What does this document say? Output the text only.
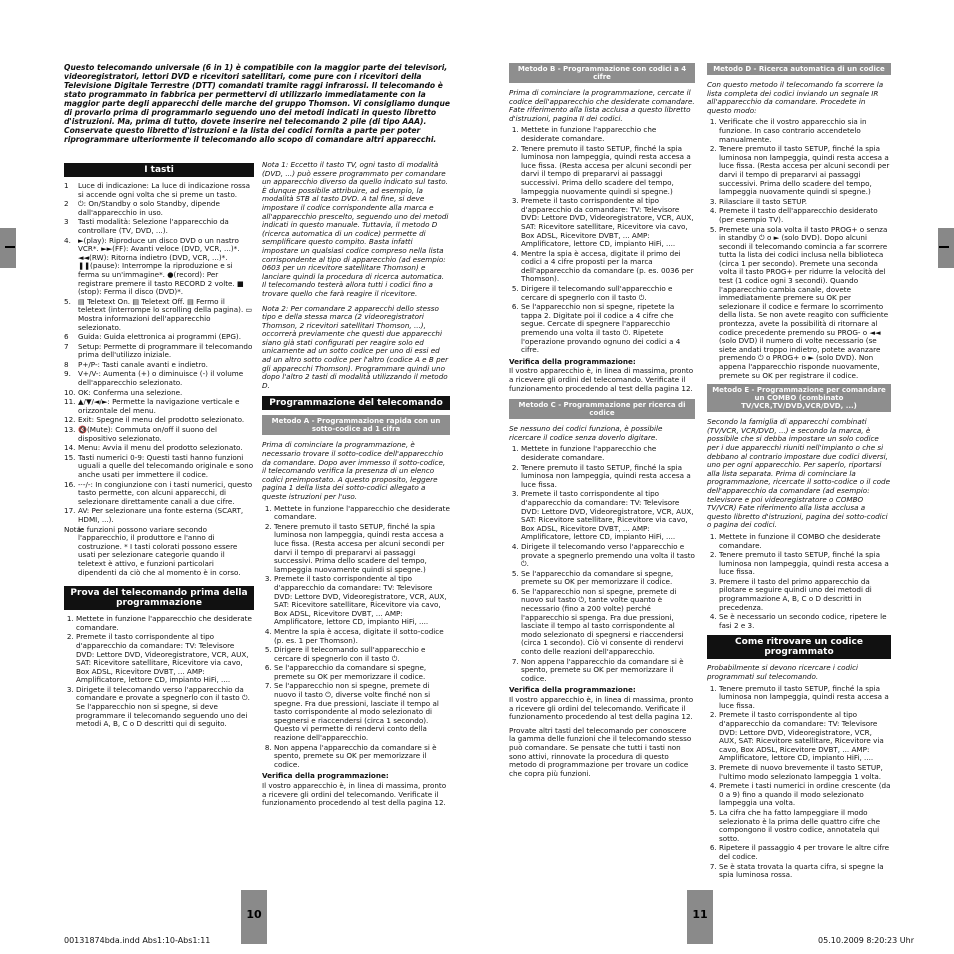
Questo telecomando universale (6 in 1) è compatibile con la maggior parte dei televisori, videoregistratori, lettori DVD e ricevitori satellitari, come pure con i ricevitori della Televisione Digitale Terrestre (DTT) comandati tramite raggi infrarossi. Il telecomando è stato programmato in fabbrica per permettervi di utilizzarlo immediatamente con la maggior parte degli apparecchi delle marche del gruppo Thomson. Vi consigliamo dunque di provarlo prima di programmarlo seguendo uno dei metodi indicati in questo libretto d'istruzioni. Ma, prima di tutto, dovete inserire nel telecomando 2 pile (di tipo AAA). Conservate questo libretto d'istruzioni e la lista dei codici fornita a parte per poter riprogrammare ulteriormente il telecomando allo scopo di comandare altri apparecchi.
I tasti
1	Luce di indicazione: La luce di indicazione rossa si accende ogni volta che si preme un tasto.
2	⏻: On/Standby o solo Standby, dipende dall'apparecchio in uso.
3	Tasti modalità: Selezione l'apparecchio da controllare (TV, DVD, ...).
4. ►(play): Riproduce un disco DVD o un nastro VCR*. ►►(FF): Avanti veloce (DVD, VCR, ...)*. ◄◄(RW): Ritorna indietro (DVD, VCR, ...)*. ❚❚(pause): Interrompe la riproduzione e si ferma su un'immagine*. ●(record): Per registrare premere il tasto RECORD 2 volte. ■ (stop): Ferma il disco (DVD)*.
5. ▤ Teletext On. ▤ Teletext Off. ▤ Fermo il teletext (interrompe lo scrolling della pagina). ▭ Mostra informazioni dell'apparecchio selezionato.
6	Guida: Guida elettronica ai programmi (EPG).
7	Setup: Permette di programmare il telecomando prima dell'utilizzo iniziale.
8	P+/P-: Tasti canale avanti e indietro.
9. V+/V-: Aumenta (+) o diminuisce (-) il volume dell'apparecchio selezionato.
10. OK: Conferma una selezione.
11. ▲/▼/◄/►: Permette la navigazione verticale e orizzontale del menu.
12. Exit: Spegne il menu del prodotto selezionato.
13. 🔇(Mute): Commuta on/off il suono del dispositivo selezionato.
14. Menu: Avvia il menu del prodotto selezionato.
15. Tasti numerici 0-9: Questi tasti hanno funzioni uguali a quelle del telecomando originale e sono anche usati per immettere il codice.
16. -·-/-: In congiunzione con i tasti numerici, questo tasto permette, con alcuni apparecchi, di selezionare direttamente canali a due cifre.
17. AV: Per selezionare una fonte esterna (SCART, HDMI, ...).
Nota:
le funzioni possono variare secondo l'apparecchio, il produttore e l'anno di costruzione. * I tasti colorati possono essere usati per selezionare categorie quando il teletext è attivo, e funzioni particolari dipendenti da ciò che al momento è in corso.
Prova del telecomando prima della programmazione
1. Mettete in funzione l'apparecchio che desiderate comandare.
2. Premete il tasto corrispondente al tipo d'apparecchio da comandare: TV: Televisore DVD: Lettore DVD, Videoregistratore, VCR, AUX, SAT: Ricevitore satellitare, Ricevitore via cavo, Box ADSL, Ricevitore DVBT, ... AMP: Amplificatore, lettore CD, impianto HiFi, ....
3. Dirigete il telecomando verso l'apparecchio da comandare e provate a spegnerlo con il tasto ⏻. Se l'apparecchio non si spegne, si deve programmare il telecomando seguendo uno dei metodi A, B, C o D descritti qui di seguito.

Nota 1: Eccetto il tasto TV, ogni tasto di modalità (DVD, ...) può essere programmato per comandare un apparecchio diverso da quello indicato sul tasto. È dunque possibile attribuire, ad esempio, la modalità STB al tasto DVD. A tal fine, si deve impostare il codice corrispondente alla marca e all'apparecchio prescelto, seguendo uno dei metodi indicati in questo manuale. Tuttavia, il metodo D (ricerca automatica di un codice) permette di semplificare questo compito. Basta infatti impostare un qualsiasi codice compreso nella lista corrispondente al tipo di apparecchio (ad esempio: 0603 per un ricevitore satellitare Thomson) e lanciare quindi la procedura di ricerca automatica. Il telecomando testerà allora tutti i codici fino a trovare quello che farà reagire il ricevitore.

Nota 2: Per comandare 2 apparecchi dello stesso tipo e della stessa marca (2 videoregistratori Thomson, 2 ricevitori satellitari Thomson, ...), occorrerà previamente che questi due apparecchi siano già stati configurati per reagire solo ed unicamente ad un sotto codice per uno di essi ed ad un altro sotto codice per l'altro (codice A e B per gli apparecchi Thomson). Programmare quindi uno dopo l'altro 2 tasti di modalità utilizzando il metodo D.

Programmazione del telecomando
Metodo A - Programmazione rapida con un sotto-codice ad 1 cifra

Prima di cominciare la programmazione, è necessario trovare il sotto-codice dell'apparecchio da comandare. Dopo aver immesso il sotto-codice, il telecomando verifica la presenza di un elenco codici preimpostato. A questo proposito, leggere pagina 1 della lista dei sotto-codici allegato a queste istruzioni per l'uso.

1. Mettete in funzione l'apparecchio che desiderate comandare.
2. Tenere premuto il tasto SETUP, finché la spia luminosa non lampeggia, quindi resta accesa a luce fissa. (Resta accesa per alcuni secondi per darvi il tempo di prepararvi ai passaggi successivi. Prima dello scadere del tempo, lampeggia nuovamente quindi si spegne.)
3. Premete il tasto corrispondente al tipo d'apparecchio da comandare: TV: Televisore DVD: Lettore DVD, Videoregistratore, VCR, AUX, SAT: Ricevitore satellitare, Ricevitore via cavo, Box ADSL, Ricevitore DVBT, ... AMP: Amplificatore, lettore CD, impianto HiFi, ....
4. Mentre la spia è accesa, digitate il sotto-codice (p. es. 1 per Thomson).
5. Dirigere il telecomando sull'apparecchio e cercare di spegnerlo con il tasto ⏻.
6. Se l'apparecchio da comandare si spegne, premete su OK per memorizzare il codice.
7. Se l'apparecchio non si spegne, premete di nuovo il tasto ⏻, diverse volte finché non si spegne. Fra due pressioni, lasciate il tempo al tasto corrispondente al modo selezionato di spegnersi e riaccendersi (circa 1 secondo). Questo vi permette di rendervi conto della reazione dell'apparecchio.
8. Non appena l'apparecchio da comandare si è spento, premete su OK per memorizzare il codice.

Verifica della programmazione:

Il vostro apparecchio è, in linea di massima, pronto a ricevere gli ordini del telecomando. Verificate il funzionamento procedendo al test della pagina 12.

Metodo B - Programmazione con codici a 4 cifre

Prima di cominciare la programmazione, cercate il codice dell'apparecchio che desiderate comandare. Fate riferimento alla lista acclusa a questo libretto d'istruzioni, pagina II dei codici.

1. Mettete in funzione l'apparecchio che desiderate comandare.
2. Tenere premuto il tasto SETUP, finché la spia luminosa non lampeggia, quindi resta accesa a luce fissa. (Resta accesa per alcuni secondi per darvi il tempo di prepararvi ai passaggi successivi. Prima dello scadere del tempo, lampeggia nuovamente quindi si spegne.)
3. Premete il tasto corrispondente al tipo d'apparecchio da comandare: TV: Televisore DVD: Lettore DVD, Videoregistratore, VCR, AUX, SAT: Ricevitore satellitare, Ricevitore via cavo, Box ADSL, Ricevitore DVBT, ... AMP: Amplificatore, lettore CD, impianto HiFi, ....
4. Mentre la spia è accesa, digitate il primo dei codici a 4 cifre proposti per la marca dell'apparecchio da comandare (p. es. 0036 per Thomson).
5. Dirigere il telecomando sull'apparecchio e cercare di spegnerlo con il tasto ⏻.
6. Se l'apparecchio non si spegne, ripetete la tappa 2. Digitate poi il codice a 4 cifre che segue. Cercate di spegnere l'apparecchio premendo una volta il tasto ⏻. Ripetete l'operazione provando ognuno dei codici a 4 cifre.

Verifica della programmazione:

Il vostro apparecchio è, in linea di massima, pronto a ricevere gli ordini del telecomando. Verificate il funzionamento procedendo al test della pagina 12.

Metodo C - Programmazione per ricerca di codice

Se nessuno dei codici funziona, è possibile ricercare il codice senza doverlo digitare.

1. Mettete in funzione l'apparecchio che desiderate comandare.
2. Tenere premuto il tasto SETUP, finché la spia luminosa non lampeggia, quindi resta accesa a luce fissa.
3. Premete il tasto corrispondente al tipo d'apparecchio da comandare: TV: Televisore DVD: Lettore DVD, Videoregistratore, VCR, AUX, SAT: Ricevitore satellitare, Ricevitore via cavo, Box ADSL, Ricevitore DVBT, ... AMP: Amplificatore, lettore CD, impianto HiFi, ....
4. Dirigete il telecomando verso l'apparecchio e provate a spegnerlo premendo una volta il tasto ⏻.
5. Se l'apparecchio da comandare si spegne, premete su OK per memorizzare il codice.
6. Se l'apparecchio non si spegne, premete di nuovo sul tasto ⏻, tante volte quanto è necessario (fino a 200 volte) perché l'apparecchio si spenga. Fra due pressioni, lasciate il tempo al tasto corrispondente al modo selezionato di spegnersi e riaccendersi (circa 1 secondo). Ciò vi consente di rendervi conto delle reazioni dell'apparecchio.
7. Non appena l'apparecchio da comandare si è spento, premete su OK per memorizzare il codice.

Verifica della programmazione:

Il vostro apparecchio è, in linea di massima, pronto a ricevere gli ordini del telecomando. Verificate il funzionamento procedendo al test della pagina 12.

Provate altri tasti del telecomando per conoscere la gamma delle funzioni che il telecomando stesso può comandare. Se pensate che tutti i tasti non sono attivi, rinnovate la procedura di questo metodo di programmazione per trovare un codice che copra più funzioni.

Metodo D - Ricerca automatica di un codice

Con questo metodo il telecomando fa scorrere la lista completa dei codici inviando un segnale IR all'apparecchio da comandare. Procedete in questo modo:

1. Verificate che il vostro apparecchio sia in funzione. In caso contrario accendetelo manualmente.
2. Tenere premuto il tasto SETUP, finché la spia luminosa non lampeggia, quindi resta accesa a luce fissa. (Resta accesa per alcuni secondi per darvi il tempo di prepararvi ai passaggi successivi. Prima dello scadere del tempo, lampeggia nuovamente quindi si spegne.)
3. Rilasciare il tasto SETUP.
4. Premete il tasto dell'apparecchio desiderato (per esempio TV).
5. Premete una sola volta il tasto PROG+ o senza in standby ⏻ o ► (solo DVD). Dopo alcuni secondi il telecomando comincia a far scorrere tutta la lista dei codici inclusa nella biblioteca (circa 1 per secondo). Premete una seconda volta il tasto PROG+ per ridurre la velocità del test (1 codice ogni 3 secondi). Quando l'apparecchio cambia canale, dovete immediatamente premere su OK per selezionare il codice e fermare lo scorrimento della lista. Se non avete reagito con sufficiente prontezza, avete la possibilità di ritornare al codice precedente premendo su PROG- o ◄◄ (solo DVD) il numero di volte necessario (se siete andati troppo indietro, potete avanzare premendo ⏻ o PROG+ o ► (solo DVD). Non appena l'apparecchio risponde nuovamente, premete su OK per registrare il codice.
Metodo E - Programmazione per comandare un COMBO (combinato TV/VCR,TV/DVD,VCR/DVD, ...)

Secondo la famiglia di apparecchi combinati (TV/VCR, VCR/DVD, ...) e secondo la marca, è possibile che si debba impostare un solo codice per i due apparecchi riuniti nell'impianto o che si debbano al contrario impostare due codici diversi, uno per ogni apparecchio. Per saperlo, riportarsi alla lista separata. Prima di cominciare la programmazione, ricercate il sotto-codice o il code dell'apparecchio da comandare (ad esempio: televisore e poi videoregistratore o COMBO TV/VCR) Fate riferimento alla lista acclusa a questo libretto d'istruzioni, pagina dei sotto-codici o pagina dei codici.

1. Mettete in funzione il COMBO che desiderate comandare.
2. Tenere premuto il tasto SETUP, finché la spia luminosa non lampeggia, quindi resta accesa a luce fissa.
3. Premere il tasto del primo apparecchio da pilotare e seguire quindi uno dei metodi di programmazione A, B, C o D descritti in precedenza.
4. Se è necessario un secondo codice, ripetere le fasi 2 e 3.
Come ritrovare un codice programmato

Probabilmente si devono ricercare i codici programmati sul telecomando.

1. Tenere premuto il tasto SETUP, finché la spia luminosa non lampeggia, quindi resta accesa a luce fissa.
2. Premete il tasto corrispondente al tipo d'apparecchio da comandare: TV: Televisore DVD: Lettore DVD, Videoregistratore, VCR, AUX, SAT: Ricevitore satellitare, Ricevitore via cavo, Box ADSL, Ricevitore DVBT, ... AMP: Amplificatore, lettore CD, impianto HiFi, ....
3. Premete di nuovo brevemente il tasto SETUP, l'ultimo modo selezionato lampeggia 1 volta.
4. Premete i tasti numerici in ordine crescente (da 0 a 9) fino a quando il modo selezionato lampeggia una volta.
5. La cifra che ha fatto lampeggiare il modo selezionato è la prima delle quattro cifre che compongono il vostro codice, annotatela qui sotto.
6. Ripetere il passaggio 4 per trovare le altre cifre del codice.
7. Se è stata trovata la quarta cifra, si spegne la spia luminosa rossa.
10	11
00131874bda.indd Abs1:10-Abs1:11	05.10.2009 8:20:23 Uhr
